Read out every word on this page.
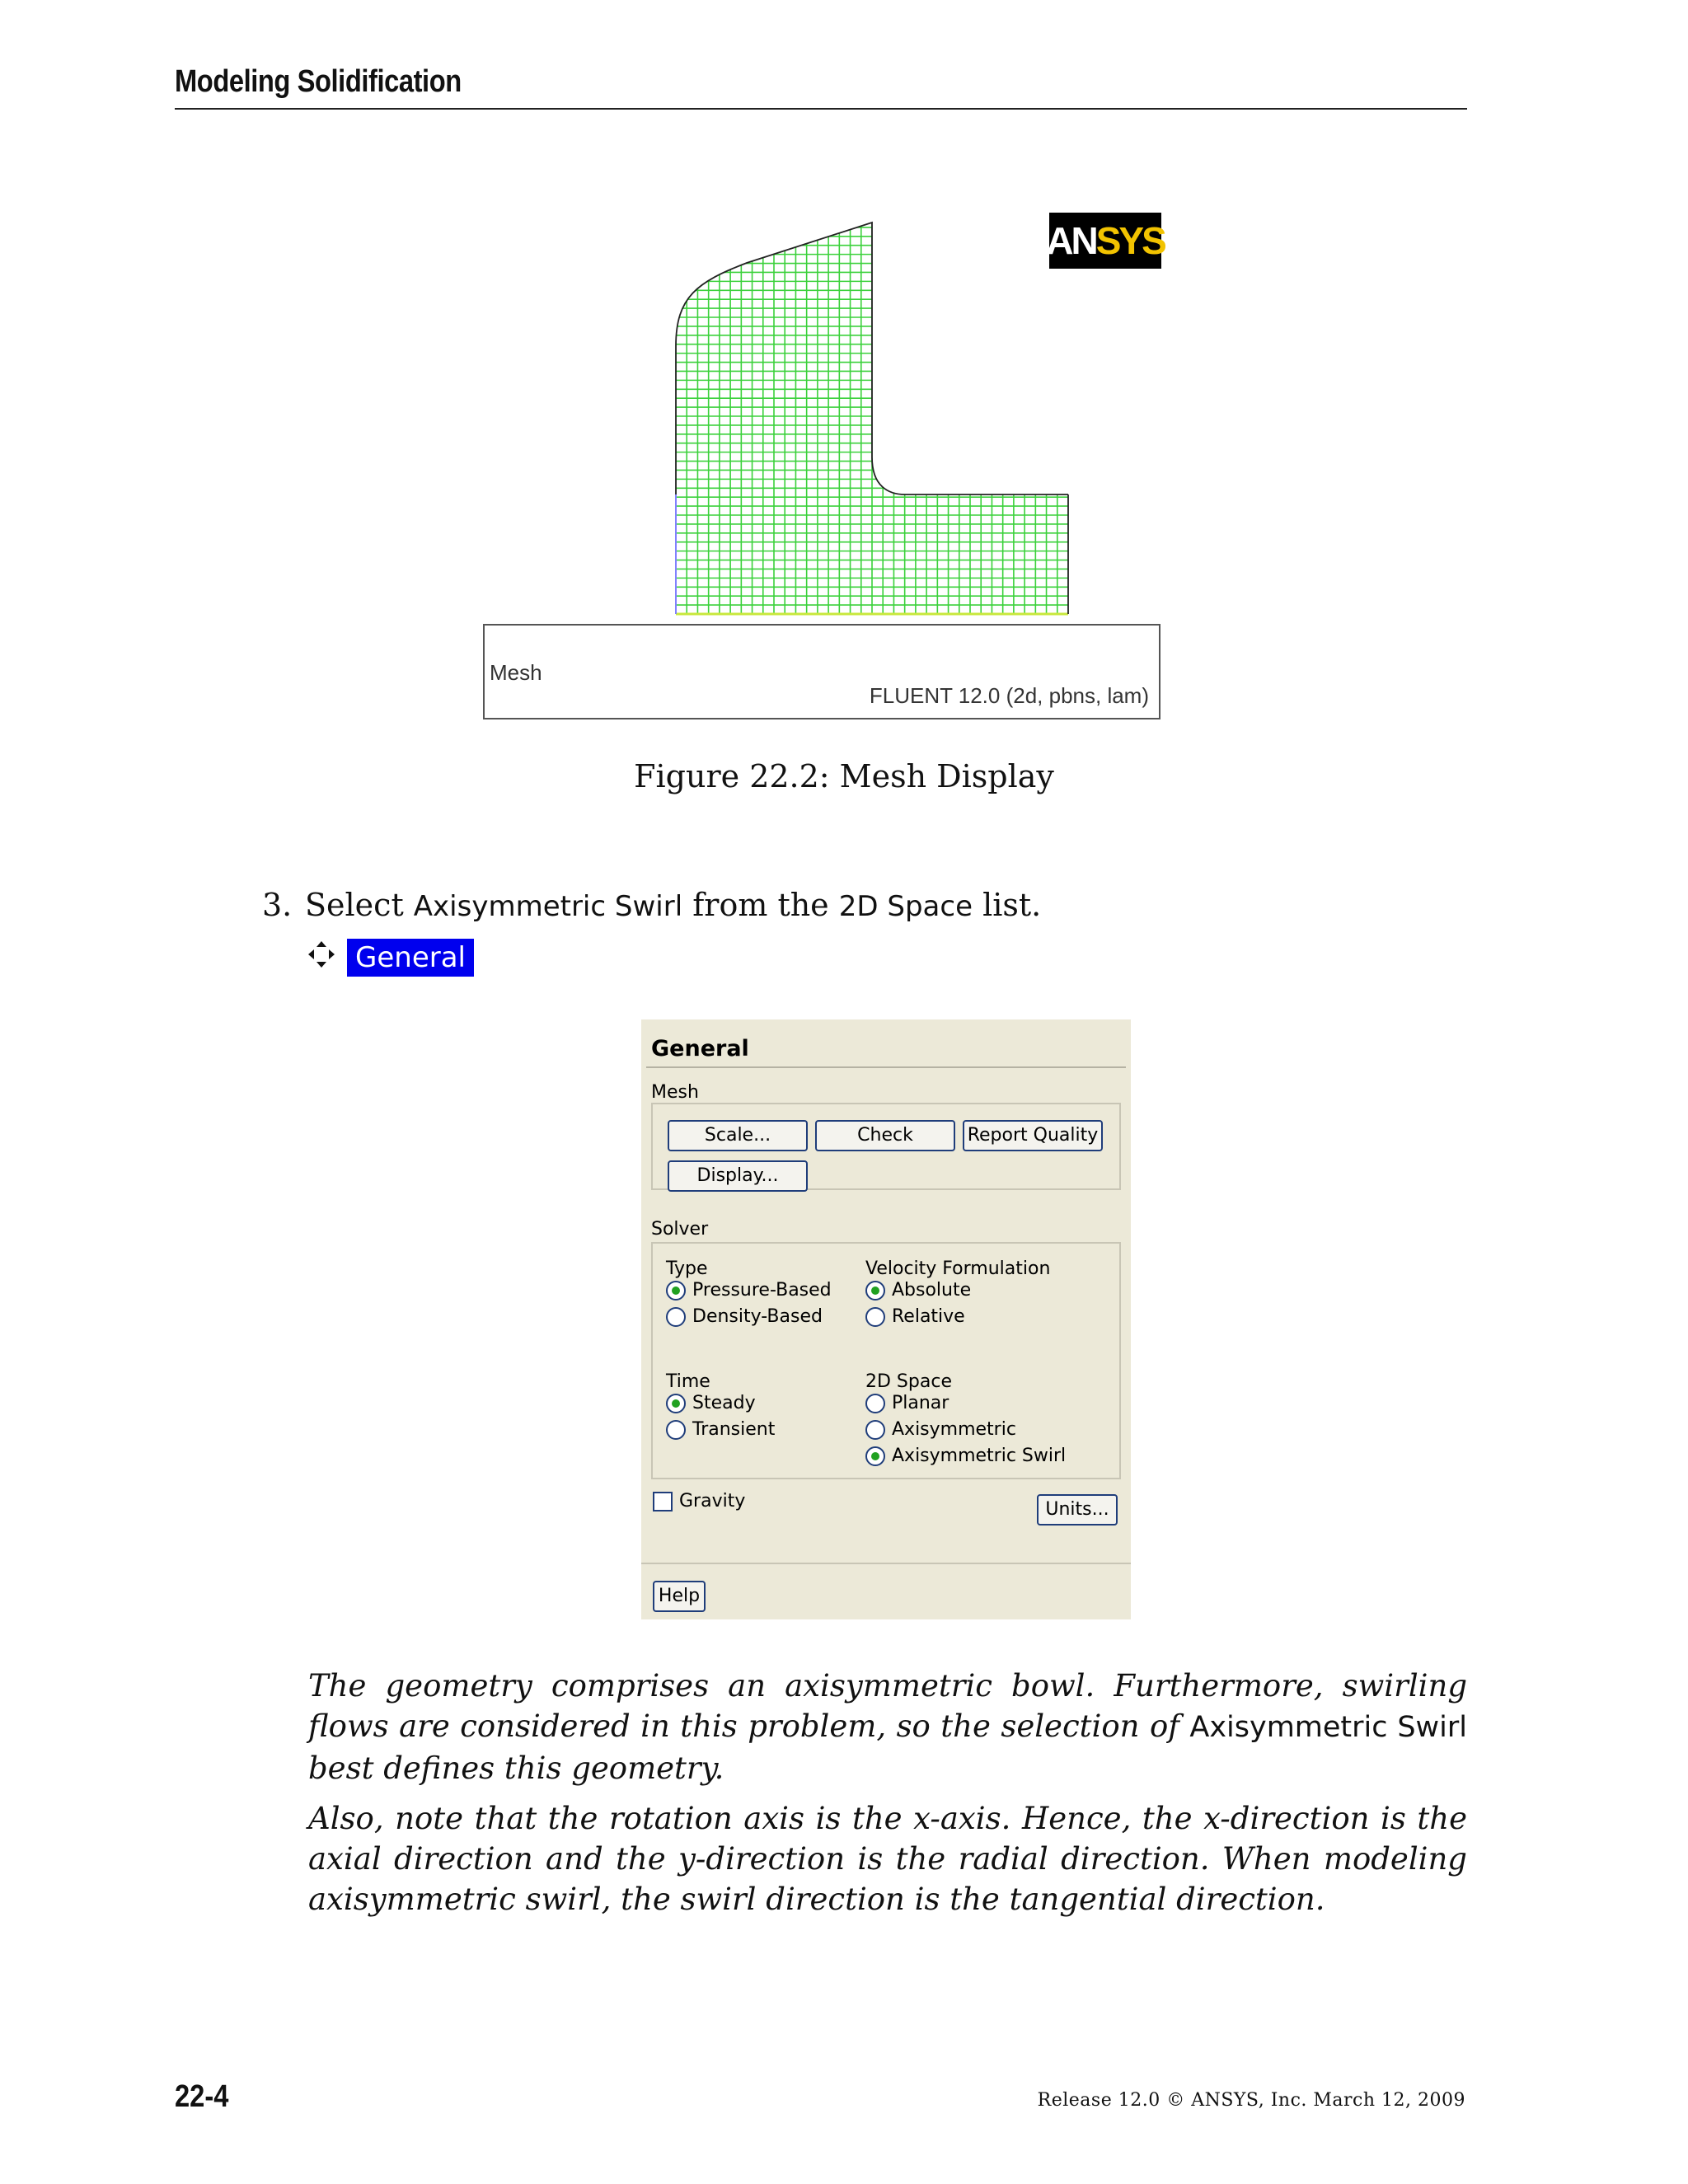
Modeling Solidification
AN SYS
Mesh
FLUENT 12.0 (2d, pbns, lam)
Figure 22.2: Mesh Display
3. Select Axisymmetric Swirl from the 2D Space list.
General
General
Mesh
Scale...	Check	Report Quality
Display...
Solver
Type
Pressure-Based
Density-Based
Velocity Formulation
Absolute
Relative
Time
Steady
Transient
2D Space
Planar
Axisymmetric
Axisymmetric Swirl
Gravity	Units...
Help
The geometry comprises an axisymmetric bowl. Furthermore, swirling flows are considered in this problem, so the selection of Axisymmetric Swirl best defines this geometry.
Also, note that the rotation axis is the x-axis. Hence, the x-direction is the axial direction and the y-direction is the radial direction. When modeling axisymmetric swirl, the swirl direction is the tangential direction.
22-4	Release 12.0 © ANSYS, Inc. March 12, 2009
